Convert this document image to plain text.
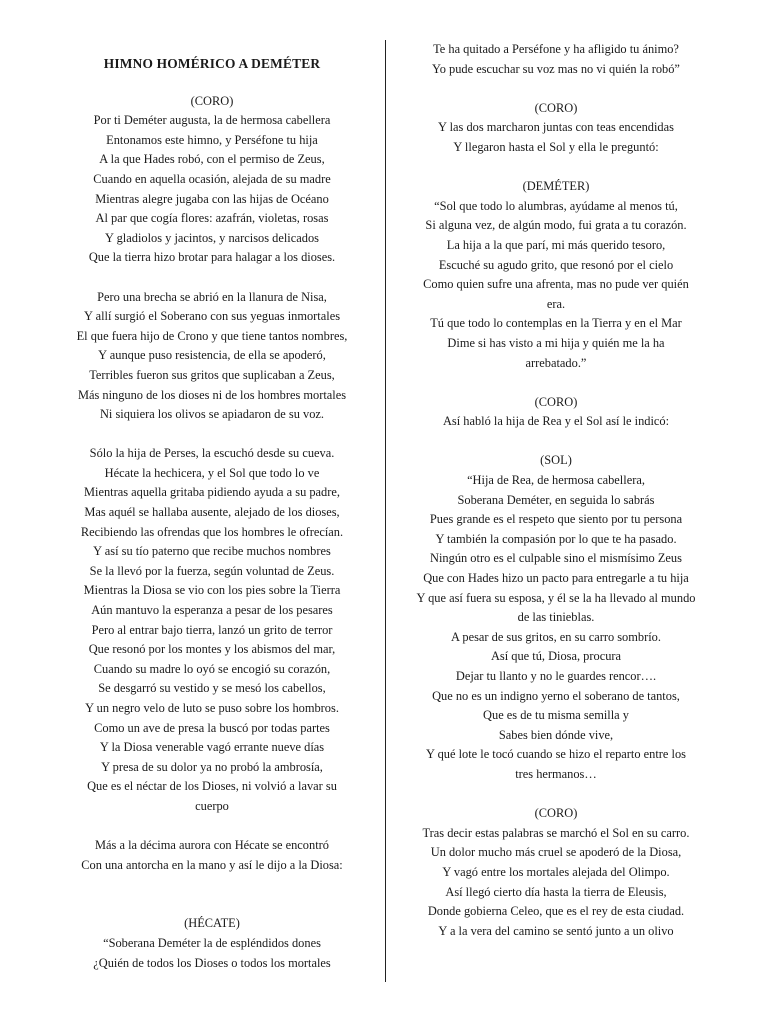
HIMNO HOMÉRICO A DEMÉTER
(CORO)
Por ti Deméter augusta, la de hermosa cabellera
Entonamos este himno, y Perséfone tu hija
A la que Hades robó, con el permiso de Zeus,
Cuando en aquella ocasión, alejada de su madre
Mientras alegre jugaba con las hijas de Océano
Al par que cogía flores: azafrán, violetas, rosas
Y gladiolos y jacintos, y narcisos delicados
Que la tierra hizo brotar para halagar a los dioses.
Pero una brecha se abrió en la llanura de Nisa,
Y allí surgió el Soberano con sus yeguas inmortales
El que fuera hijo de Crono y que tiene tantos nombres,
Y aunque puso resistencia, de ella se apoderó,
Terribles fueron sus gritos que suplicaban a Zeus,
Más ninguno de los dioses ni de los hombres mortales
Ni siquiera los olivos se apiadaron de su voz.
Sólo la hija de Perses, la escuchó desde su cueva.
Hécate la hechicera, y el Sol que todo lo ve
Mientras aquella gritaba pidiendo ayuda a su padre,
Mas aquél se hallaba ausente, alejado de los dioses,
Recibiendo las ofrendas que los hombres le ofrecían.
Y así su tío paterno que recibe muchos nombres
Se la llevó por la fuerza, según voluntad de Zeus.
Mientras la Diosa se vio con los pies sobre la Tierra
Aún mantuvo la esperanza a pesar de los pesares
Pero al entrar bajo tierra, lanzó un grito de terror
Que resonó por los montes y los abismos del mar,
Cuando su madre lo oyó se encogió su corazón,
Se desgarró su vestido y se mesó los cabellos,
Y un negro velo de luto se puso sobre los hombros.
Como un ave de presa la buscó por todas partes
Y la Diosa venerable vagó errante nueve días
Y presa de su dolor ya no probó la ambrosía,
Que es el néctar de los Dioses, ni volvió a lavar su
cuerpo
Más a la décima aurora con Hécate se encontró
Con una antorcha en la mano y así le dijo a la Diosa:
(HÉCATE)
“Soberana Deméter la de espléndidos dones
¿Quién de todos los Dioses o todos los mortales
Te ha quitado a Perséfone y ha afligido tu ánimo?
Yo pude escuchar su voz mas no vi quién la robó”
(CORO)
Y las dos marcharon juntas con teas encendidas
Y llegaron hasta el Sol y ella le preguntó:
(DEMÉTER)
“Sol que todo lo alumbras, ayúdame al menos tú,
Si alguna vez, de algún modo, fui grata a tu corazón.
La hija a la que parí, mi más querido tesoro,
Escuché su agudo grito, que resonó por el cielo
Como quien sufre una afrenta, mas no pude ver quién
era.
Tú que todo lo contemplas en la Tierra y en el Mar
Dime si has visto a mi hija y quién me la ha
arrebatado.”
(CORO)
Así habló la hija de Rea y el Sol así le indicó:
(SOL)
“Hija de Rea, de hermosa cabellera,
Soberana Deméter, en seguida lo sabrás
Pues grande es el respeto que siento por tu persona
Y también la compasión por lo que te ha pasado.
Ningún otro es el culpable sino el mismísimo Zeus
Que con Hades hizo un pacto para entregarle a tu hija
Y que así fuera su esposa, y él se la ha llevado al mundo
de las tinieblas.
A pesar de sus gritos, en su carro sombrío.
Así que tú, Diosa, procura
Dejar tu llanto y no le guardes rencor….
Que no es un indigno yerno el soberano de tantos,
Que es de tu misma semilla y
Sabes bien dónde vive,
Y qué lote le tocó cuando se hizo el reparto entre los
tres hermanos…
(CORO)
Tras decir estas palabras se marchó el Sol en su carro.
Un dolor mucho más cruel se apoderó de la Diosa,
Y vagó entre los mortales alejada del Olimpo.
Así llegó cierto día hasta la tierra de Eleusis,
Donde gobierna Celeo, que es el rey de esta ciudad.
Y a la vera del camino se sentó junto a un olivo
